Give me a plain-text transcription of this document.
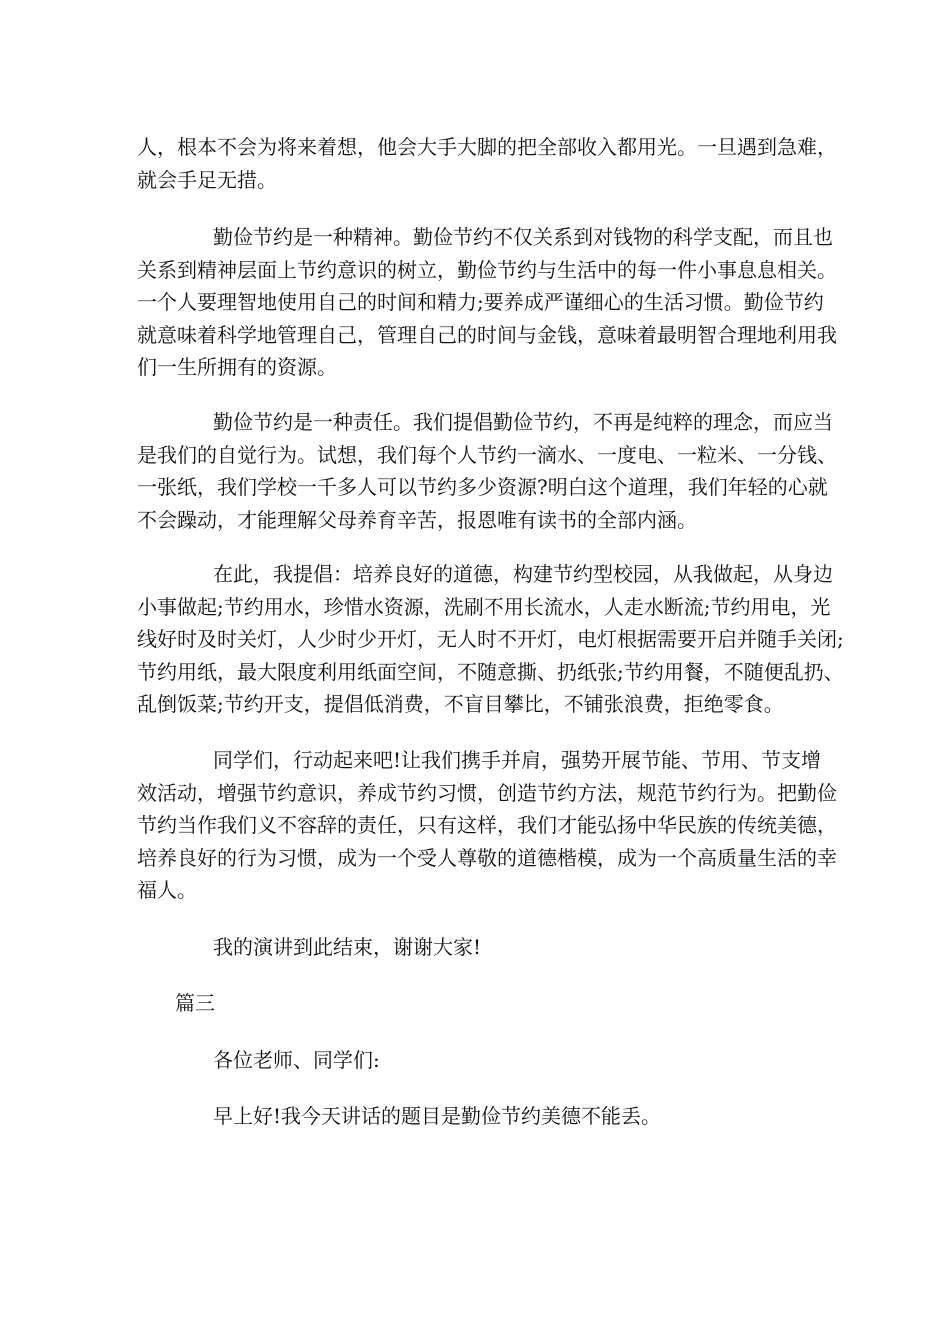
人，根本不会为将来着想，他会大手大脚的把全部收入都用光。一旦遇到急难，
就会手足无措。
勤俭节约是一种精神。勤俭节约不仅关系到对钱物的科学支配，而且也
关系到精神层面上节约意识的树立，勤俭节约与生活中的每一件小事息息相关。
一个人要理智地使用自己的时间和精力;要养成严谨细心的生活习惯。勤俭节约
就意味着科学地管理自己，管理自己的时间与金钱，意味着最明智合理地利用我
们一生所拥有的资源。
勤俭节约是一种责任。我们提倡勤俭节约，不再是纯粹的理念，而应当
是我们的自觉行为。试想，我们每个人节约一滴水、一度电、一粒米、一分钱、
一张纸，我们学校一千多人可以节约多少资源?明白这个道理，我们年轻的心就
不会躁动，才能理解父母养育辛苦，报恩唯有读书的全部内涵。
在此，我提倡：培养良好的道德，构建节约型校园，从我做起，从身边
小事做起;节约用水，珍惜水资源，洗刷不用长流水，人走水断流;节约用电，光
线好时及时关灯，人少时少开灯，无人时不开灯，电灯根据需要开启并随手关闭;
节约用纸，最大限度利用纸面空间，不随意撕、扔纸张;节约用餐，不随便乱扔、
乱倒饭菜;节约开支，提倡低消费，不盲目攀比，不铺张浪费，拒绝零食。
同学们，行动起来吧!让我们携手并肩，强势开展节能、节用、节支增
效活动，增强节约意识，养成节约习惯，创造节约方法，规范节约行为。把勤俭
节约当作我们义不容辞的责任，只有这样，我们才能弘扬中华民族的传统美德，
培养良好的行为习惯，成为一个受人尊敬的道德楷模，成为一个高质量生活的幸
福人。

我的演讲到此结束，谢谢大家!

篇三

各位老师、同学们:

早上好!我今天讲话的题目是勤俭节约美德不能丢。
